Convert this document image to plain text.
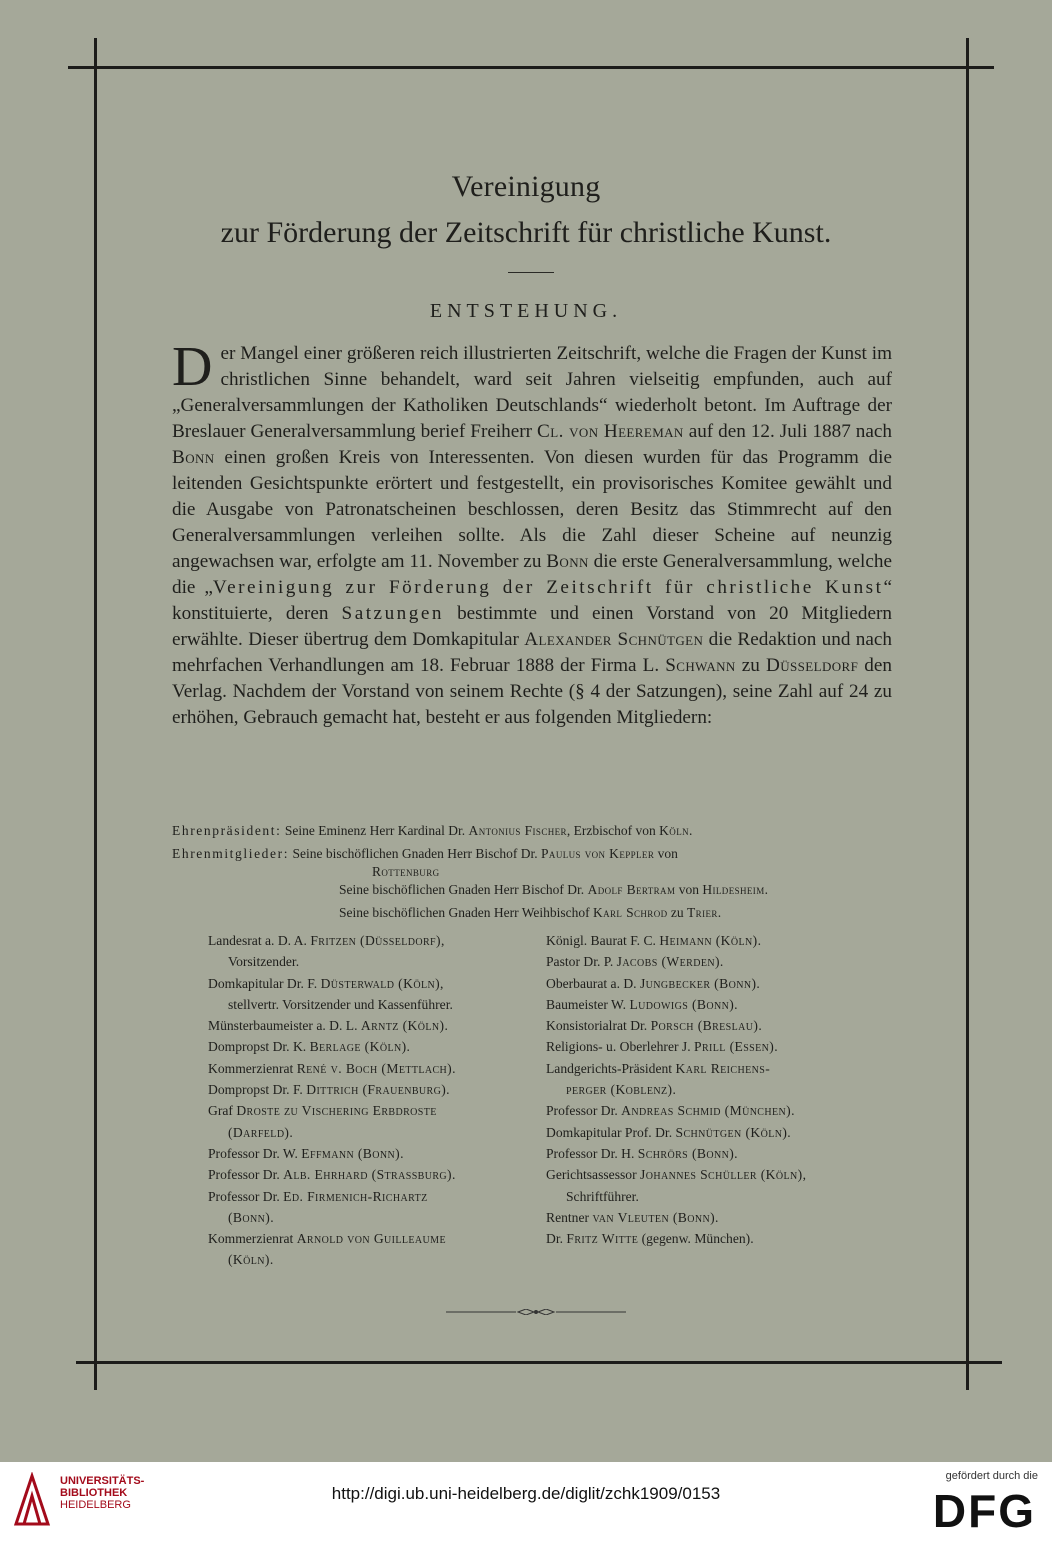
Vereinigung
zur Förderung der Zeitschrift für christliche Kunst.
ENTSTEHUNG.

Der Mangel einer größeren reich illustrierten Zeitschrift, welche die Fragen der Kunst im christlichen Sinne behandelt, ward seit Jahren vielseitig empfunden, auch auf „Generalversammlungen der Katholiken Deutschlands“ wiederholt betont. Im Auftrage der Breslauer Generalversammlung berief Freiherr Cl. von Heereman auf den 12. Juli 1887 nach Bonn einen großen Kreis von Interessenten. Von diesen wurden für das Programm die leitenden Gesichtspunkte erörtert und festgestellt, ein provisorisches Komitee gewählt und die Ausgabe von Patronatscheinen beschlossen, deren Besitz das Stimmrecht auf den Generalversammlungen verleihen sollte. Als die Zahl dieser Scheine auf neunzig angewachsen war, erfolgte am 11. November zu Bonn die erste Generalversammlung, welche die „Vereinigung zur Förderung der Zeitschrift für christliche Kunst“ konstituierte, deren Satzungen bestimmte und einen Vorstand von 20 Mitgliedern erwählte. Dieser übertrug dem Domkapitular Alexander Schnütgen die Redaktion und nach mehrfachen Verhandlungen am 18. Februar 1888 der Firma L. Schwann zu Düsseldorf den Verlag. Nachdem der Vorstand von seinem Rechte (§ 4 der Satzungen), seine Zahl auf 24 zu erhöhen, Gebrauch gemacht hat, besteht er aus folgenden Mitgliedern:

Ehrenpräsident: Seine Eminenz Herr Kardinal Dr. Antonius Fischer, Erzbischof von Köln.
Ehrenmitglieder: Seine bischöflichen Gnaden Herr Bischof Dr. Paulus von Keppler von
Rottenburg
Seine bischöflichen Gnaden Herr Bischof Dr. Adolf Bertram von Hildesheim.
Seine bischöflichen Gnaden Herr Weihbischof Karl Schrod zu Trier.
Landesrat a. D. A. Fritzen (Düsseldorf),
Vorsitzender.
Domkapitular Dr. F. Düsterwald (Köln),
stellvertr. Vorsitzender und Kassenführer.
Münsterbaumeister a. D. L. Arntz (Köln).
Dompropst Dr. K. Berlage (Köln).
Kommerzienrat René v. Boch (Mettlach).
Dompropst Dr. F. Dittrich (Frauenburg).
Graf Droste zu Vischering Erbdroste
(Darfeld).
Professor Dr. W. Effmann (Bonn).
Professor Dr. Alb. Ehrhard (Strassburg).
Professor Dr. Ed. Firmenich-Richartz
(Bonn).
Kommerzienrat Arnold von Guilleaume
(Köln).
Königl. Baurat F. C. Heimann (Köln).
Pastor Dr. P. Jacobs (Werden).
Oberbaurat a. D. Jungbecker (Bonn).
Baumeister W. Ludowigs (Bonn).
Konsistorialrat Dr. Porsch (Breslau).
Religions- u. Oberlehrer J. Prill (Essen).
Landgerichts-Präsident Karl Reichens-
perger (Koblenz).
Professor Dr. Andreas Schmid (München).
Domkapitular Prof. Dr. Schnütgen (Köln).
Professor Dr. H. Schrörs (Bonn).
Gerichtsassessor Johannes Schüller (Köln),
Schriftführer.
Rentner van Vleuten (Bonn).
Dr. Fritz Witte (gegenw. München).
UNIVERSITÄTS-
BIBLIOTHEK
HEIDELBERG
http://digi.ub.uni-heidelberg.de/diglit/zchk1909/0153
gefördert durch die
DFG
